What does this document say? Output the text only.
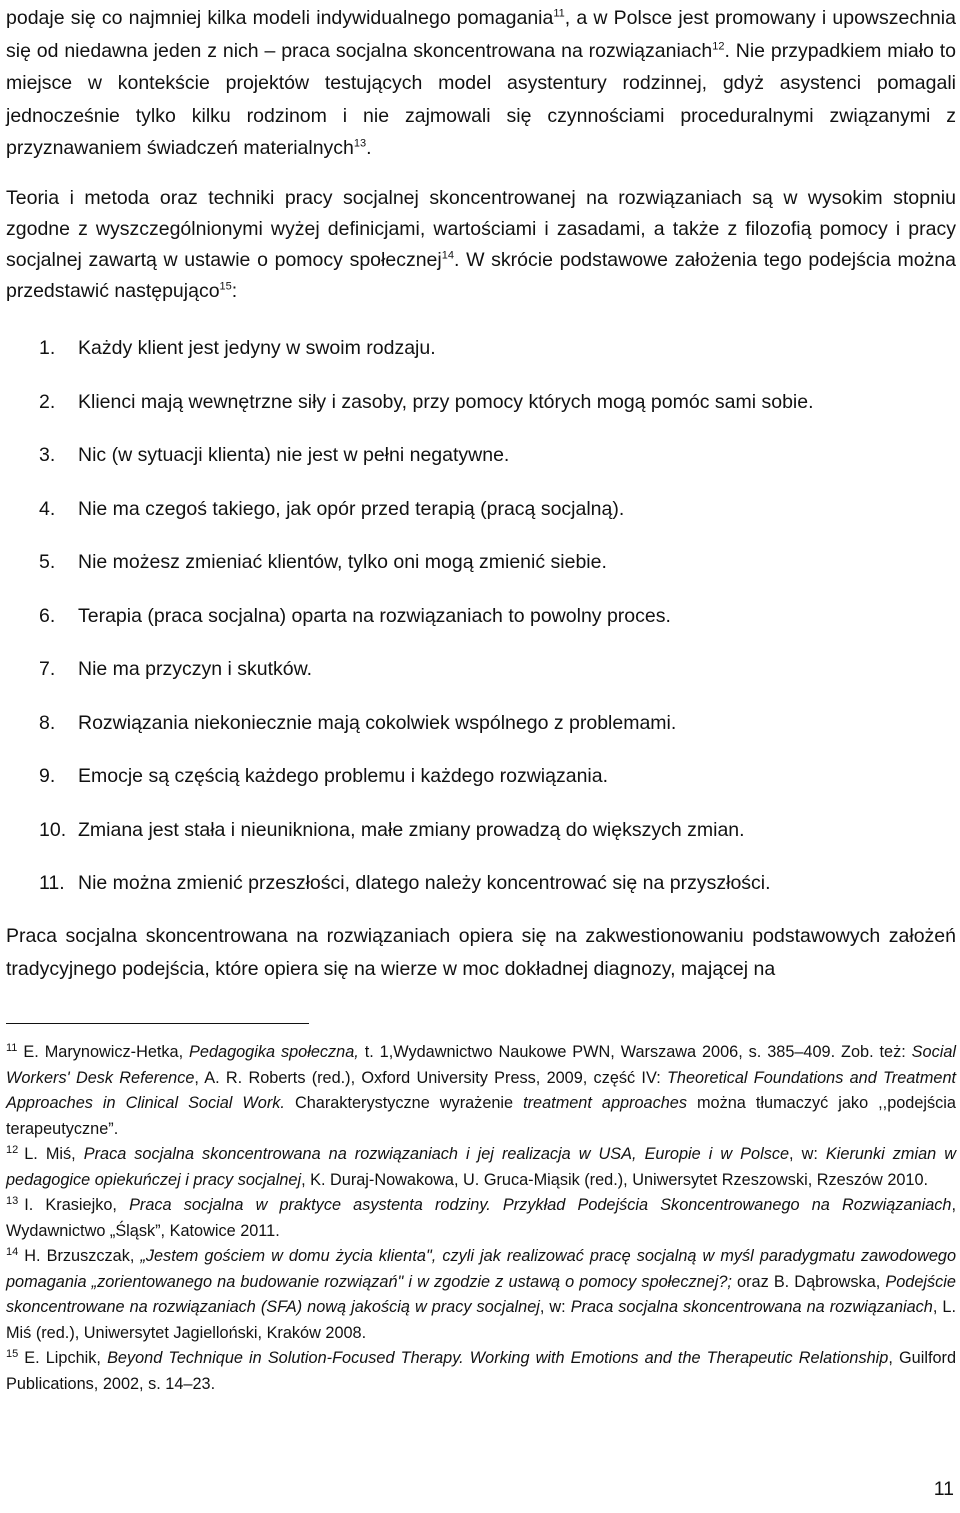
podaje się co najmniej kilka modeli indywidualnego pomagania$^{11}$, a w Polsce jest promowany i upowszechnia się od niedawna jeden z nich – praca socjalna skoncentrowana na rozwiązaniach$^{12}$. Nie przypadkiem miało to miejsce w kontekście projektów testujących model asystentury rodzinnej, gdyż asystenci pomagali jednocześnie tylko kilku rodzinom i nie zajmowali się czynnościami proceduralnymi związanymi z przyznawaniem świadczeń materialnych$^{13}$.

Teoria i metoda oraz techniki pracy socjalnej skoncentrowanej na rozwiązaniach są w wysokim stopniu zgodne z wyszczególnionymi wyżej definicjami, wartościami i zasadami, a także z filozofią pomocy i pracy socjalnej zawartą w ustawie o pomocy społecznej$^{14}$. W skrócie podstawowe założenia tego podejścia można przedstawić następująco$^{15}$:

1. Każdy klient jest jedyny w swoim rodzaju.
2. Klienci mają wewnętrzne siły i zasoby, przy pomocy których mogą pomóc sami sobie.
3. Nic (w sytuacji klienta) nie jest w pełni negatywne.
4. Nie ma czegoś takiego, jak opór przed terapią (pracą socjalną).
5. Nie możesz zmieniać klientów, tylko oni mogą zmienić siebie.
6. Terapia (praca socjalna) oparta na rozwiązaniach to powolny proces.
7. Nie ma przyczyn i skutków.
8. Rozwiązania niekoniecznie mają cokolwiek wspólnego z problemami.
9. Emocje są częścią każdego problemu i każdego rozwiązania.
10. Zmiana jest stała i nieunikniona, małe zmiany prowadzą do większych zmian.
11. Nie można zmienić przeszłości, dlatego należy koncentrować się na przyszłości.

Praca socjalna skoncentrowana na rozwiązaniach opiera się na zakwestionowaniu podstawowych założeń tradycyjnego podejścia, które opiera się na wierze w moc dokładnej diagnozy, mającej na

$^{11}$ E. Marynowicz-Hetka, Pedagogika społeczna, t. 1,Wydawnictwo Naukowe PWN, Warszawa 2006, s. 385–409. Zob. też: Social Workers' Desk Reference, A. R. Roberts (red.), Oxford University Press, 2009, część IV: Theoretical Foundations and Treatment Approaches in Clinical Social Work. Charakterystyczne wyrażenie treatment approaches można tłumaczyć jako ,,podejścia terapeutyczne”.

$^{12}$ L. Miś, Praca socjalna skoncentrowana na rozwiązaniach i jej realizacja w USA, Europie i w Polsce, w: Kierunki zmian w pedagogice opiekuńczej i pracy socjalnej, K. Duraj-Nowakowa, U. Gruca-Miąsik (red.), Uniwersytet Rzeszowski, Rzeszów 2010.

$^{13}$ I. Krasiejko, Praca socjalna w praktyce asystenta rodziny. Przykład Podejścia Skoncentrowanego na Rozwiązaniach, Wydawnictwo „Śląsk”, Katowice 2011.

$^{14}$ H. Brzuszczak, „Jestem gościem w domu życia klienta", czyli jak realizować pracę socjalną w myśl paradygmatu zawodowego pomagania „zorientowanego na budowanie rozwiązań" i w zgodzie z ustawą o pomocy społecznej?; oraz B. Dąbrowska, Podejście skoncentrowane na rozwiązaniach (SFA) nową jakością w pracy socjalnej, w: Praca socjalna skoncentrowana na rozwiązaniach, L. Miś (red.), Uniwersytet Jagielloński, Kraków 2008.

$^{15}$ E. Lipchik, Beyond Technique in Solution-Focused Therapy. Working with Emotions and the Therapeutic Relationship, Guilford Publications, 2002, s. 14–23.

11
